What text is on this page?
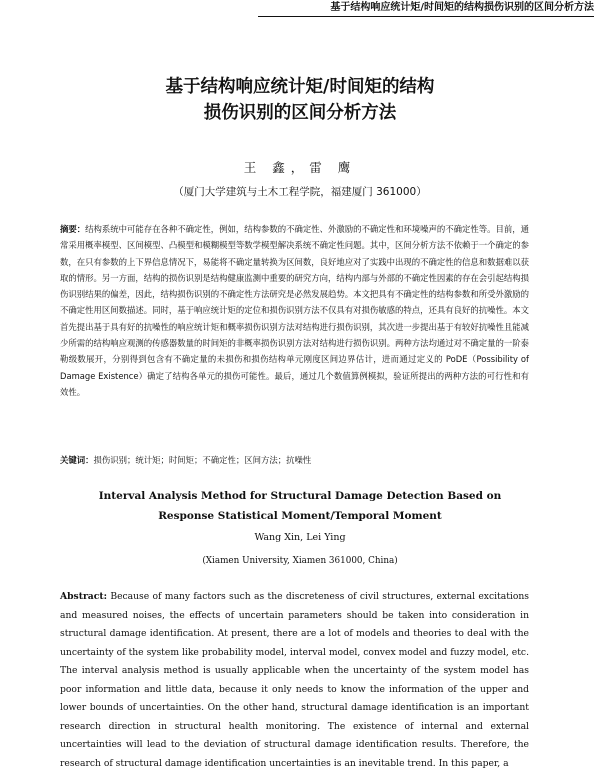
基于结构响应统计矩/时间矩的结构损伤识别的区间分析方法
基于结构响应统计矩/时间矩的结构
损伤识别的区间分析方法
王 鑫，雷 鹰
（厦门大学建筑与土木工程学院，福建厦门 361000）
摘要：结构系统中可能存在各种不确定性，例如，结构参数的不确定性、外激励的不确定性和环境噪声的不确定性等。目前，通常采用概率模型、区间模型、凸模型和模糊模型等数学模型解决系统不确定性问题。其中，区间分析方法不依赖于一个确定的参数，在只有参数的上下界信息情况下，易能将不确定量转换为区间数，良好地应对了实践中出现的不确定性的信息和数据难以获取的情形。另一方面，结构的损伤识别是结构健康监测中重要的研究方向，结构内部与外部的不确定性因素的存在会引起结构损伤识别结果的偏差，因此，结构损伤识别的不确定性方法研究是必然发展趋势。本文把具有不确定性的结构参数和所受外激励的不确定性用区间数描述。同时，基于响应统计矩的定位和损伤识别方法不仅具有对损伤敏感的特点，还具有良好的抗噪性。本文首先提出基于具有好的抗噪性的响应统计矩和概率损伤识别方法对结构进行损伤识别，其次进一步提出基于有较好抗噪性且能减少所需的结构响应观测的传感器数量的时间矩的非概率损伤识别方法对结构进行损伤识别。两种方法均通过对不确定量的一阶泰勒级数展开，分别得到包含有不确定量的未损伤和损伤结构单元刚度区间边界估计，进而通过定义的 PoDE（Possibility of Damage Existence）确定了结构各单元的损伤可能性。最后，通过几个数值算例模拟，验证所提出的两种方法的可行性和有效性。
关键词：损伤识别；统计矩；时间矩；不确定性；区间方法；抗噪性
Interval Analysis Method for Structural Damage Detection Based on
Response Statistical Moment/Temporal Moment
Wang Xin, Lei Ying
(Xiamen University, Xiamen 361000, China)
Abstract: Because of many factors such as the discreteness of civil structures, external excitations and measured noises, the effects of uncertain parameters should be taken into consideration in structural damage identification. At present, there are a lot of models and theories to deal with the uncertainty of the system like probability model, interval model, convex model and fuzzy model, etc. The interval analysis method is usually applicable when the uncertainty of the system model has poor information and little data, because it only needs to know the information of the upper and lower bounds of uncertainties. On the other hand, structural damage identification is an important research direction in structural health monitoring. The existence of internal and external uncertainties will lead to the deviation of structural damage identification results. Therefore, the research of structural damage identification uncertainties is an inevitable trend. In this paper, a
